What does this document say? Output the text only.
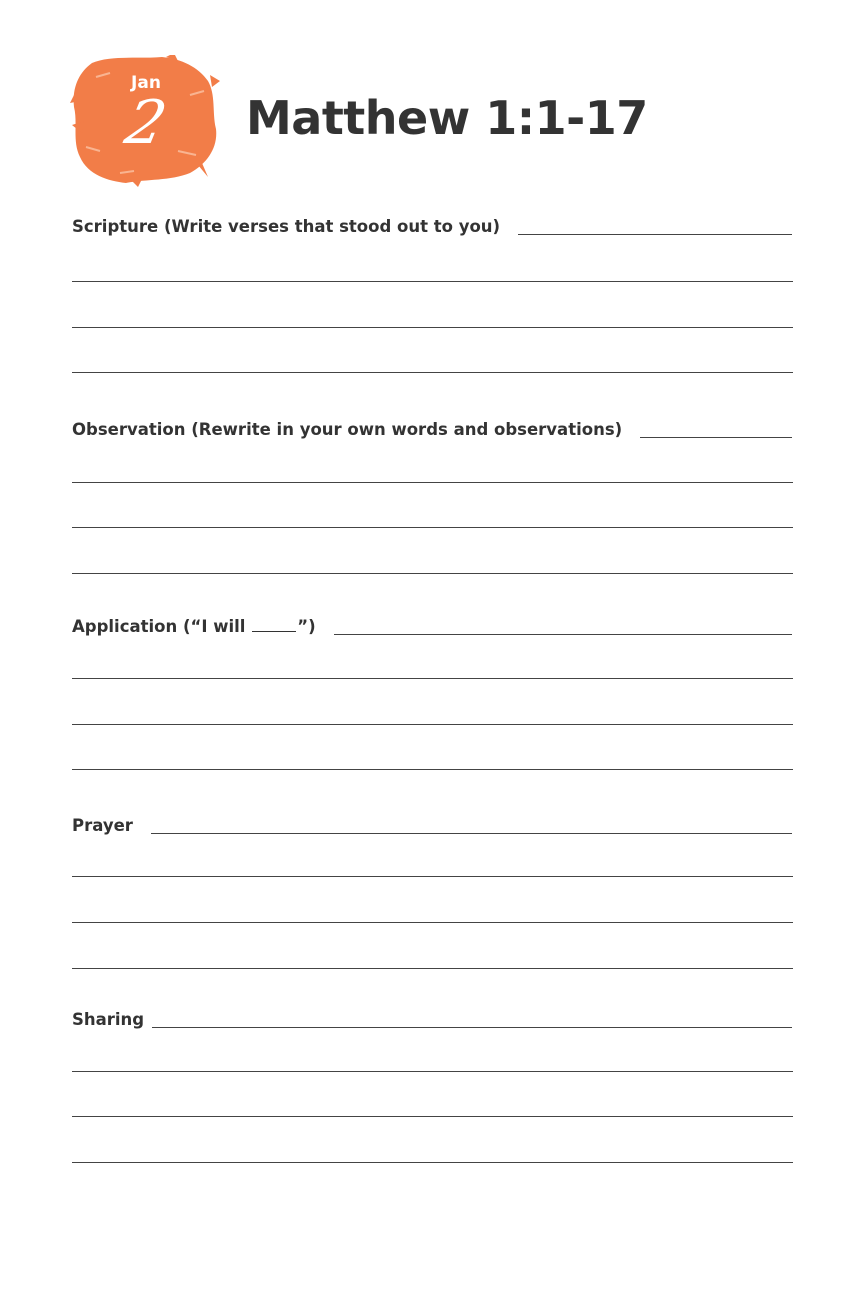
Jan
2 Matthew 1:1-17
Scripture (Write verses that stood out to you)
Observation (Rewrite in your own words and observations)
Application (“I will	”)
Prayer
Sharing
